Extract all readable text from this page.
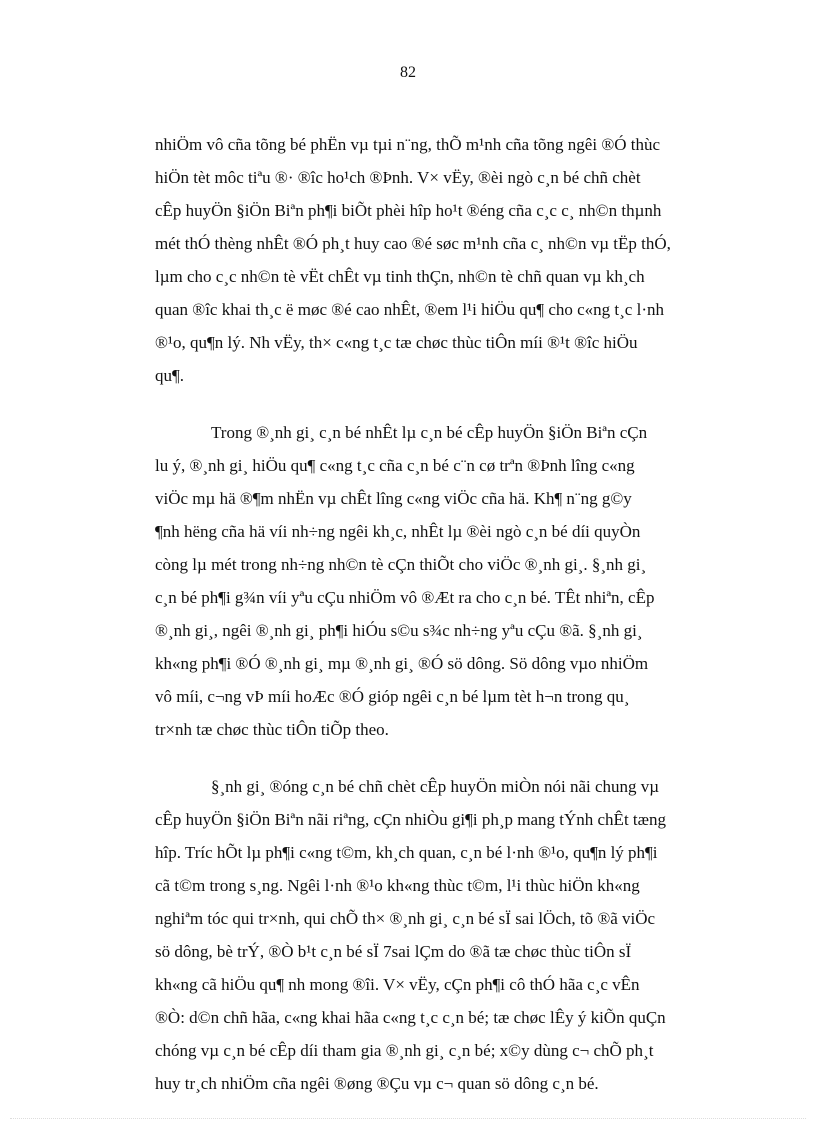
82
nhiÖm vô cña tõng bé phËn vµ tµi n¨ng, thÕ m¹nh cña tõng ngêi ®Ó thùc
hiÖn tèt môc tiªu ®· ®îc ho¹ch ®Þnh. V× vËy, ®èi ngò c¸n bé chñ chèt
cÊp huyÖn §iÖn Biªn ph¶i biÕt phèi hîp ho¹t ®éng cña c¸c c¸ nh©n thµnh
mét thÓ thèng nhÊt ®Ó ph¸t huy cao ®é søc m¹nh cña c¸ nh©n vµ tËp thÓ,
lµm cho c¸c nh©n tè vËt chÊt vµ tinh thÇn, nh©n tè chñ quan vµ kh¸ch
quan ®îc khai th¸c ë møc ®é cao nhÊt, ®em l¹i hiÖu qu¶ cho c«ng t¸c l·nh
®¹o, qu¶n lý. Nh vËy, th× c«ng t¸c tæ chøc thùc tiÔn míi ®¹t ®îc hiÖu
qu¶.
Trong ®¸nh gi¸ c¸n bé nhÊt lµ c¸n bé cÊp huyÖn §iÖn Biªn cÇn
lu ý, ®¸nh gi¸ hiÖu qu¶ c«ng t¸c cña c¸n bé c¨n cø trªn ®Þnh lîng c«ng
viÖc mµ hä ®¶m nhËn vµ chÊt lîng c«ng viÖc cña hä. Kh¶ n¨ng g©y
¶nh hëng cña hä víi nh÷ng ngêi kh¸c, nhÊt lµ ®èi ngò c¸n bé díi quyÒn
còng lµ mét trong nh÷ng nh©n tè cÇn thiÕt cho viÖc ®¸nh gi¸. §¸nh gi¸
c¸n bé ph¶i g¾n víi yªu cÇu nhiÖm vô ®Æt ra cho c¸n bé. TÊt nhiªn, cÊp
®¸nh gi¸, ngêi ®¸nh gi¸ ph¶i hiÓu s©u s¾c nh÷ng yªu cÇu ®ã. §¸nh gi¸
kh«ng ph¶i ®Ó ®¸nh gi¸ mµ ®¸nh gi¸ ®Ó sö dông. Sö dông vµo nhiÖm
vô míi, c¬ng vÞ míi hoÆc ®Ó gióp ngêi c¸n bé lµm tèt h¬n trong qu¸
tr×nh tæ chøc thùc tiÔn tiÕp theo.
§¸nh gi¸ ®óng c¸n bé chñ chèt cÊp huyÖn miÒn nói nãi chung vµ
cÊp huyÖn §iÖn Biªn nãi riªng, cÇn nhiÒu gi¶i ph¸p mang tÝnh chÊt tæng
hîp. Tríc hÕt lµ ph¶i c«ng t©m, kh¸ch quan, c¸n bé l·nh ®¹o, qu¶n lý ph¶i
cã t©m trong s¸ng. Ngêi l·nh ®¹o kh«ng thùc t©m, l¹i thùc hiÖn kh«ng
nghiªm tóc qui tr×nh, qui chÕ th× ®¸nh gi¸ c¸n bé sÏ sai lÖch, tõ ®ã viÖc
sö dông, bè trÝ, ®Ò b¹t c¸n bé sÏ 7sai lÇm do ®ã tæ chøc thùc tiÔn sÏ
kh«ng cã hiÖu qu¶ nh mong ®îi. V× vËy, cÇn ph¶i cô thÓ hãa c¸c vÊn
®Ò: d©n chñ hãa, c«ng khai hãa c«ng t¸c c¸n bé; tæ chøc lÊy ý kiÕn quÇn
chóng vµ c¸n bé cÊp díi tham gia ®¸nh gi¸ c¸n bé; x©y dùng c¬ chÕ ph¸t
huy tr¸ch nhiÖm cña ngêi ®øng ®Çu vµ c¬ quan sö dông c¸n bé.
